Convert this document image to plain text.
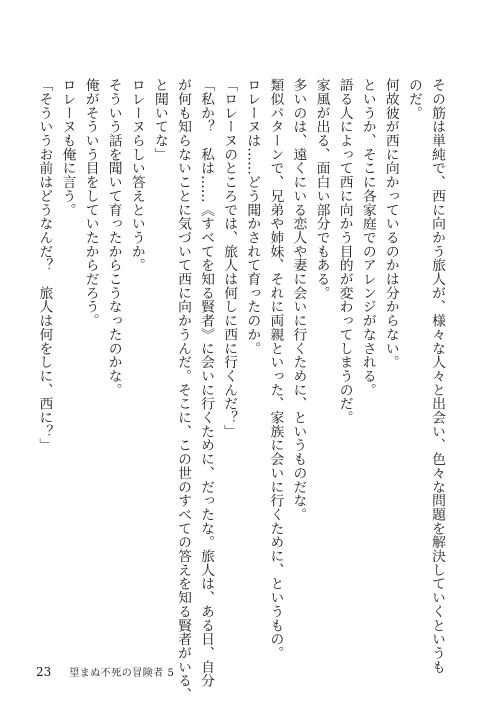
その筋は単純で、西に向かう旅人が、様々な人々と出会い、色々な問題を解決していくというも

のだ。

何故彼が西に向かっているのかは分からない。

というか、そこに各家庭でのアレンジがなされる。

語る人によって西に向かう目的が変わってしまうのだ。

家風が出る、面白い部分でもある。

多いのは、遠くにいる恋人や妻に会いに行くために、というものだな。

類似パターンで、兄弟や姉妹、それに両親といった、家族に会いに行くために、というもの。

ロレーヌは……どう聞かされて育ったのか。

「ロレーヌのところでは、旅人は何しに西に行くんだ？」

「私か？　私は……《すべてを知る賢者》に会いに行くために、だったな。旅人は、ある日、自分

が何も知らないことに気づいて西に向かうんだ。そこに、この世のすべての答えを知る賢者がいる、

と聞いてな」

ロレーヌらしい答えというか。

そういう話を聞いて育ったからこうなったのかな。

俺がそういう目をしていたからだろう。

ロレーヌも俺に言う。

「そういうお前はどうなんだ？　旅人は何をしに、西に？」

23 望まぬ不死の冒険者 5
